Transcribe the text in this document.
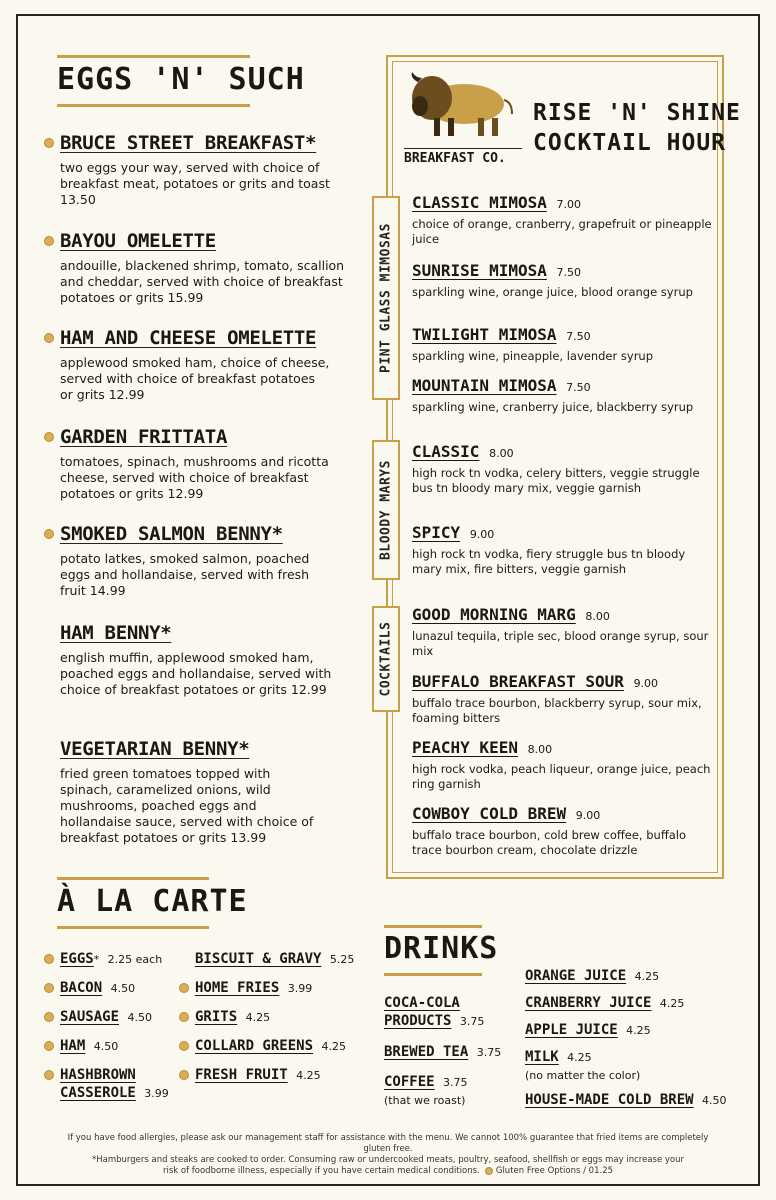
EGGS 'N' SUCH
BRUCE STREET BREAKFAST*
two eggs your way, served with choice of breakfast meat, potatoes or grits and toast 13.50
BAYOU OMELETTE
andouille, blackened shrimp, tomato, scallion and cheddar, served with choice of breakfast potatoes or grits 15.99
HAM AND CHEESE OMELETTE
applewood smoked ham, choice of cheese, served with choice of breakfast potatoes or grits 12.99
GARDEN FRITTATA
tomatoes, spinach, mushrooms and ricotta cheese, served with choice of breakfast potatoes or grits 12.99
SMOKED SALMON BENNY*
potato latkes, smoked salmon, poached eggs and hollandaise, served with fresh fruit 14.99
HAM BENNY*
english muffin, applewood smoked ham, poached eggs and hollandaise, served with choice of breakfast potatoes or grits 12.99
VEGETARIAN BENNY*
fried green tomatoes topped with spinach, caramelized onions, wild mushrooms, poached eggs and hollandaise sauce, served with choice of breakfast potatoes or grits 13.99
BREAKFAST CO.
RISE 'N' SHINE
COCKTAIL HOUR
PINT GLASS MIMOSAS
BLOODY MARYS
COCKTAILS
CLASSIC MIMOSA 7.00
choice of orange, cranberry, grapefruit or pineapple juice
SUNRISE MIMOSA 7.50
sparkling wine, orange juice, blood orange syrup
TWILIGHT MIMOSA 7.50
sparkling wine, pineapple, lavender syrup
MOUNTAIN MIMOSA 7.50
sparkling wine, cranberry juice, blackberry syrup
CLASSIC 8.00
high rock tn vodka, celery bitters, veggie struggle bus tn bloody mary mix, veggie garnish
SPICY 9.00
high rock tn vodka, fiery struggle bus tn bloody mary mix, fire bitters, veggie garnish
GOOD MORNING MARG 8.00
lunazul tequila, triple sec, blood orange syrup, sour mix
BUFFALO BREAKFAST SOUR 9.00
buffalo trace bourbon, blackberry syrup, sour mix, foaming bitters
PEACHY KEEN 8.00
high rock vodka, peach liqueur, orange juice, peach ring garnish
COWBOY COLD BREW 9.00
buffalo trace bourbon, cold brew coffee, buffalo trace bourbon cream, chocolate drizzle
À LA CARTE
EGGS* 2.25 each
BACON 4.50
SAUSAGE 4.50
HAM 4.50
HASHBROWN
CASSEROLE 3.99
BISCUIT & GRAVY 5.25
HOME FRIES 3.99
GRITS 4.25
COLLARD GREENS 4.25
FRESH FRUIT 4.25
DRINKS
COCA-COLA
PRODUCTS 3.75
BREWED TEA 3.75
COFFEE 3.75
(that we roast)
ORANGE JUICE 4.25
CRANBERRY JUICE 4.25
APPLE JUICE 4.25
MILK 4.25
(no matter the color)
HOUSE-MADE COLD BREW 4.50
If you have food allergies, please ask our management staff for assistance with the menu. We cannot 100% guarantee that fried items are completely gluten free.
*Hamburgers and steaks are cooked to order. Consuming raw or undercooked meats, poultry, seafood, shellfish or eggs may increase your
risk of foodborne illness, especially if you have certain medical conditions. Gluten Free Options / 01.25
